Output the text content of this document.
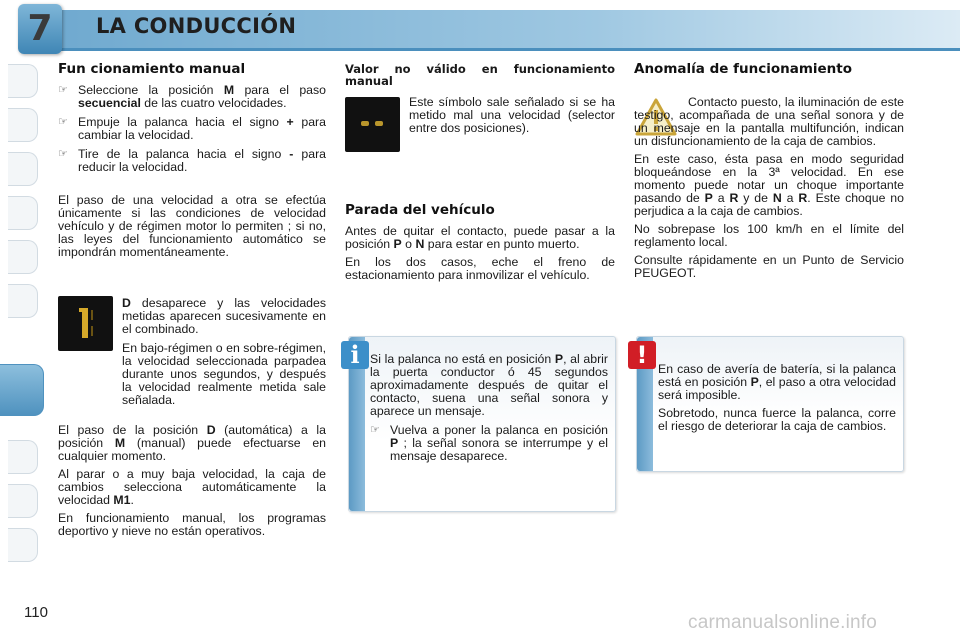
7	LA CONDUCCIÓN
Fun cionamiento manual
☞ Seleccione la posición M para el paso secuencial de las cuatro velocidades.
☞ Empuje la palanca hacia el signo + para cambiar la velocidad.
☞ Tire de la palanca hacia el signo - para reducir la velocidad.

El paso de una velocidad a otra se efectúa únicamente si las condiciones de velocidad vehículo y de régimen motor lo permiten ; si no, las leyes del funcionamiento automático se impondrán momentáneamente.

D desaparece y las velocidades metidas aparecen sucesivamente en el combinado.

En bajo-régimen o en sobre-régimen, la velocidad seleccionada parpadea durante unos segundos, y después la velocidad realmente metida sale señalada.

El paso de la posición D (automática) a la posición M (manual) puede efectuarse en cualquier momento.

Al parar o a muy baja velocidad, la caja de cambios selecciona automáticamente la velocidad M1.

En funcionamiento manual, los programas deportivo y nieve no están operativos.

Valor no válido en funcionamiento manual

Este símbolo sale señalado si se ha metido mal una velocidad (selector entre dos posiciones).

Parada del vehículo

Antes de quitar el contacto, puede pasar a la posición P o N para estar en punto muerto.

En los dos casos, eche el freno de estacionamiento para inmovilizar el vehículo.

i Si la palanca no está en posición P, al abrir la puerta conductor ó 45 segundos aproximadamente después de quitar el contacto, suena una señal sonora y aparece un mensaje.

☞ Vuelva a poner la palanca en posición P ; la señal sonora se interrumpe y el mensaje desaparece.
Anomalía de funcionamiento

Contacto puesto, la iluminación de este testigo, acompañada de una señal sonora y de un mensaje en la pantalla multifunción, indican un disfuncionamiento de la caja de cambios.

En este caso, ésta pasa en modo seguridad bloqueándose en la 3ª velocidad. En ese momento puede notar un choque importante pasando de P a R y de N a R. Este choque no perjudica a la caja de cambios.

No sobrepase los 100 km/h en el límite del reglamento local.

Consulte rápidamente en un Punto de Servicio PEUGEOT.

! En caso de avería de batería, si la palanca está en posición P, el paso a otra velocidad será imposible.

Sobretodo, nunca fuerce la palanca, corre el riesgo de deteriorar la caja de cambios.

110	carmanualsonline.info
